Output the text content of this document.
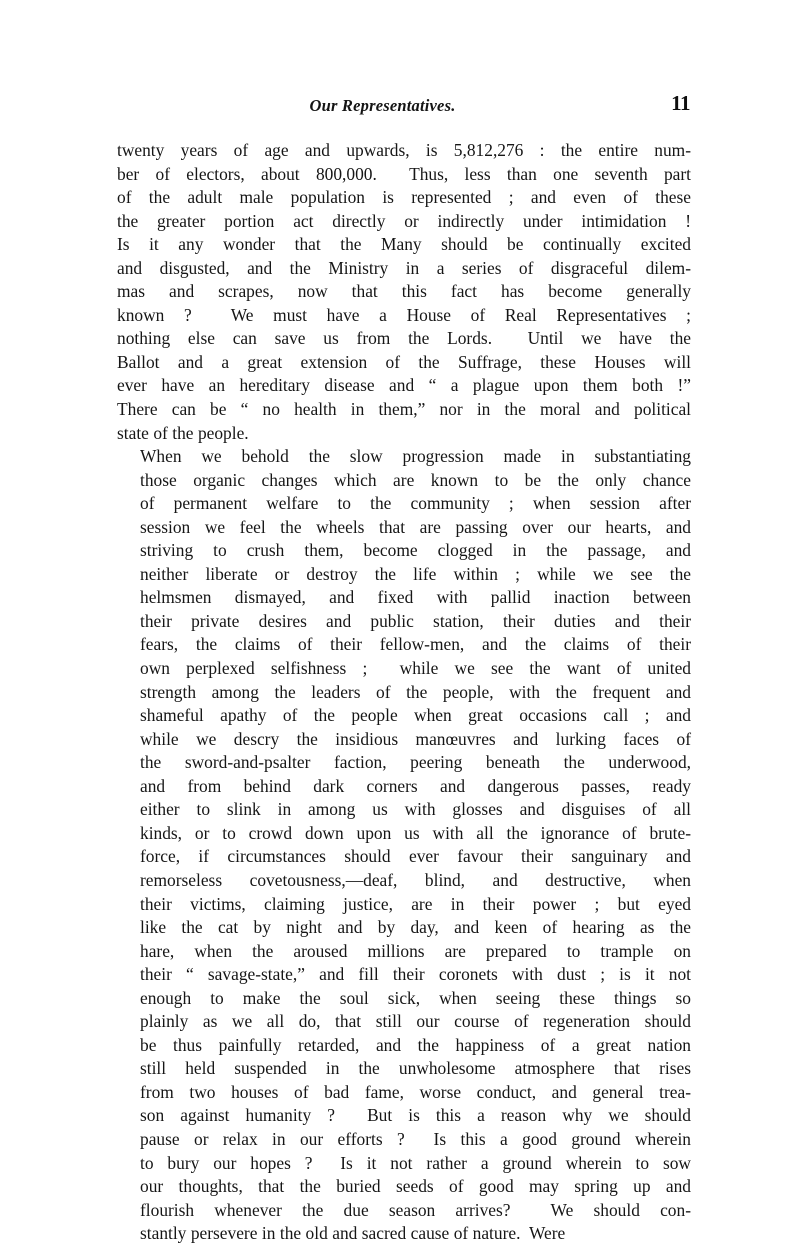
Our Representatives.	11

twenty years of age and upwards, is 5,812,276 : the entire num-
ber of electors, about 800,000.  Thus, less than one seventh part
of the adult male population is represented ; and even of these
the greater portion act directly or indirectly under intimidation !
Is it any wonder that the Many should be continually excited
and disgusted, and the Ministry in a series of disgraceful dilem-
mas and scrapes, now that this fact has become generally
known ?  We must have a House of Real Representatives ;
nothing else can save us from the Lords.  Until we have the
Ballot and a great extension of the Suffrage, these Houses will
ever have an hereditary disease and “ a plague upon them both !”
There can be “ no health in them,” nor in the moral and political
state of the people.

When we behold the slow progression made in substantiating
those organic changes which are known to be the only chance
of permanent welfare to the community ; when session after
session we feel the wheels that are passing over our hearts, and
striving to crush them, become clogged in the passage, and
neither liberate or destroy the life within ; while we see the
helmsmen dismayed, and fixed with pallid inaction between
their private desires and public station, their duties and their
fears, the claims of their fellow-men, and the claims of their
own perplexed selfishness ;  while we see the want of united
strength among the leaders of the people, with the frequent and
shameful apathy of the people when great occasions call ; and
while we descry the insidious manœuvres and lurking faces of
the sword-and-psalter faction, peering beneath the underwood,
and from behind dark corners and dangerous passes, ready
either to slink in among us with glosses and disguises of all
kinds, or to crowd down upon us with all the ignorance of brute-
force, if circumstances should ever favour their sanguinary and
remorseless covetousness,—deaf, blind, and destructive, when
their victims, claiming justice, are in their power ; but eyed
like the cat by night and by day, and keen of hearing as the
hare, when the aroused millions are prepared to trample on
their “ savage-state,” and fill their coronets with dust ; is it not
enough to make the soul sick, when seeing these things so
plainly as we all do, that still our course of regeneration should
be thus painfully retarded, and the happiness of a great nation
still held suspended in the unwholesome atmosphere that rises
from two houses of bad fame, worse conduct, and general trea-
son against humanity ?  But is this a reason why we should
pause or relax in our efforts ?  Is this a good ground wherein
to bury our hopes ?  Is it not rather a ground wherein to sow
our thoughts, that the buried seeds of good may spring up and
flourish whenever the due season arrives?  We should con-
stantly persevere in the old and sacred cause of nature.  Were
